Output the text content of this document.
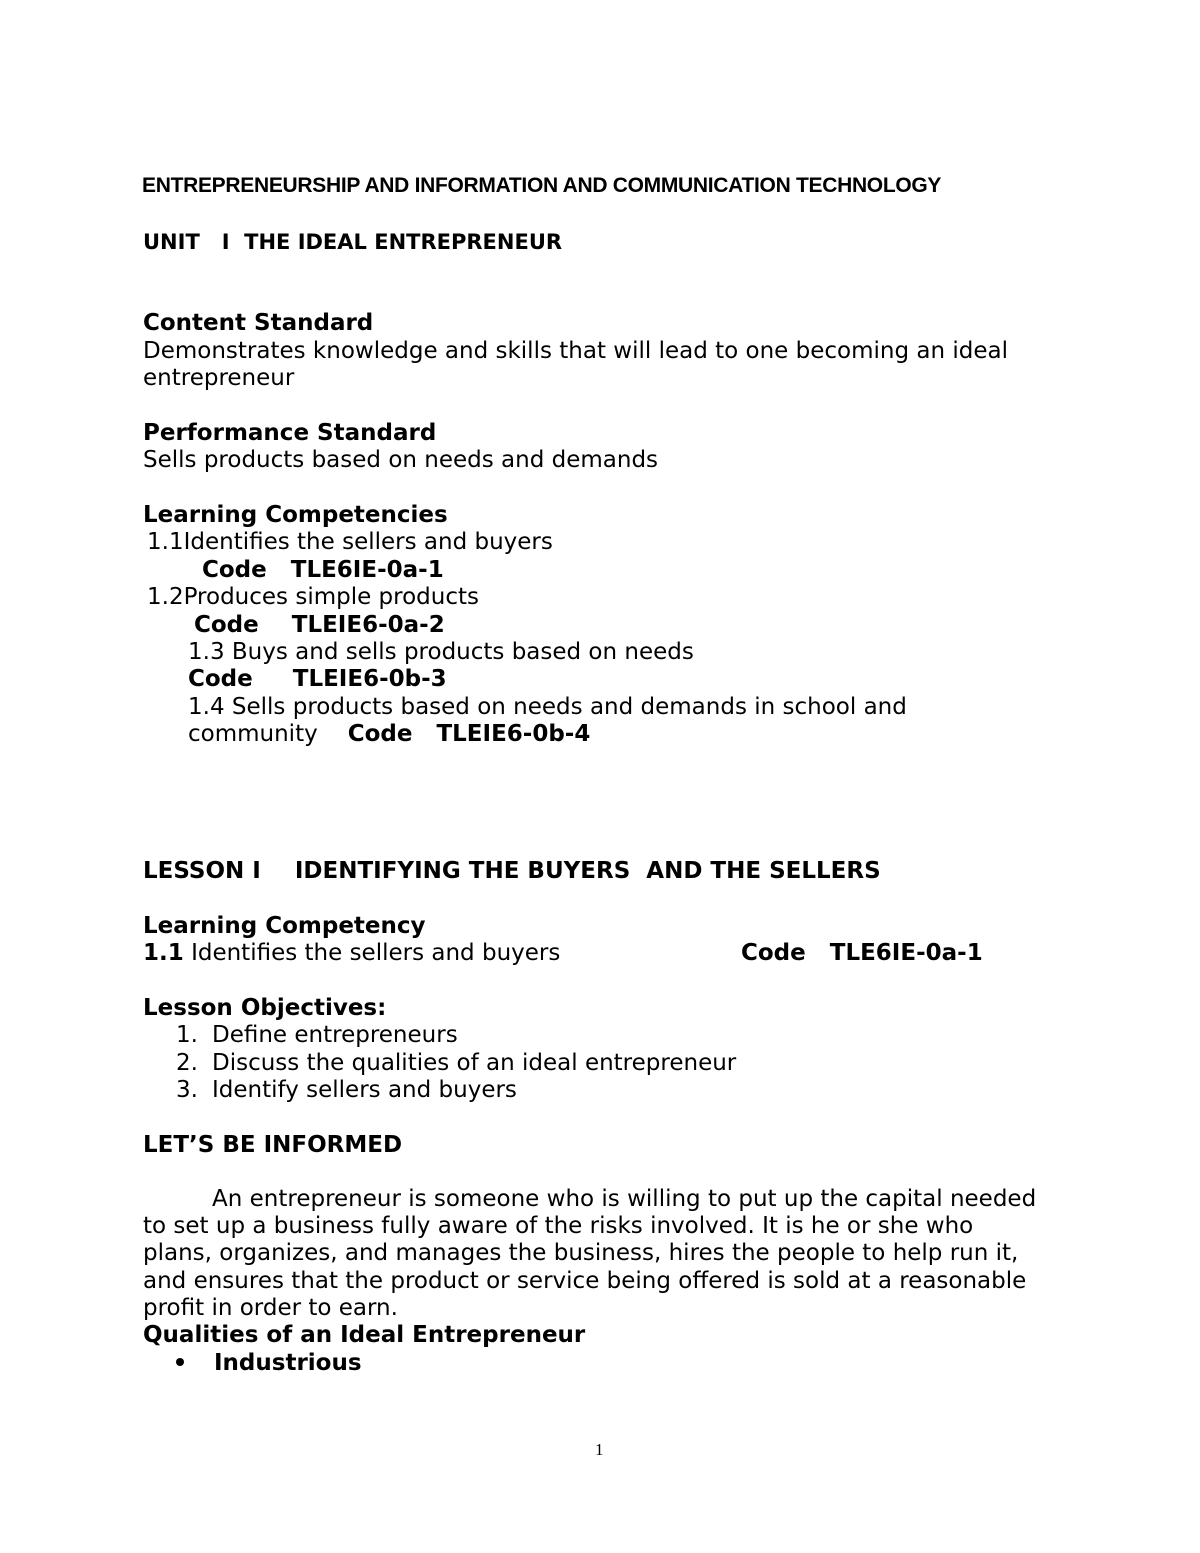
ENTREPRENEURSHIP AND INFORMATION AND COMMUNICATION TECHNOLOGY
UNIT   I  THE IDEAL ENTREPRENEUR
Content Standard
Demonstrates knowledge and skills that will lead to one becoming an ideal
entrepreneur
Performance Standard
Sells products based on needs and demands
Learning Competencies
1.1Identifies the sellers and buyers
Code TLE6IE-0a-1
1.2Produces simple products
Code TLEIE6-0a-2
1.3 Buys and sells products based on needs
Code TLEIE6-0b-3
1.4 Sells products based on needs and demands in school and
community Code TLEIE6-0b-4
LESSON I IDENTIFYING THE BUYERS  AND THE SELLERS
Learning Competency
1.1 Identifies the sellers and buyers	Code TLE6IE-0a-1
Lesson Objectives:
1. Define entrepreneurs
2. Discuss the qualities of an ideal entrepreneur
3. Identify sellers and buyers
LET’S BE INFORMED
An entrepreneur is someone who is willing to put up the capital needed
to set up a business fully aware of the risks involved. It is he or she who
plans, organizes, and manages the business, hires the people to help run it,
and ensures that the product or service being offered is sold at a reasonable
profit in order to earn.
Qualities of an Ideal Entrepreneur
Industrious
1
